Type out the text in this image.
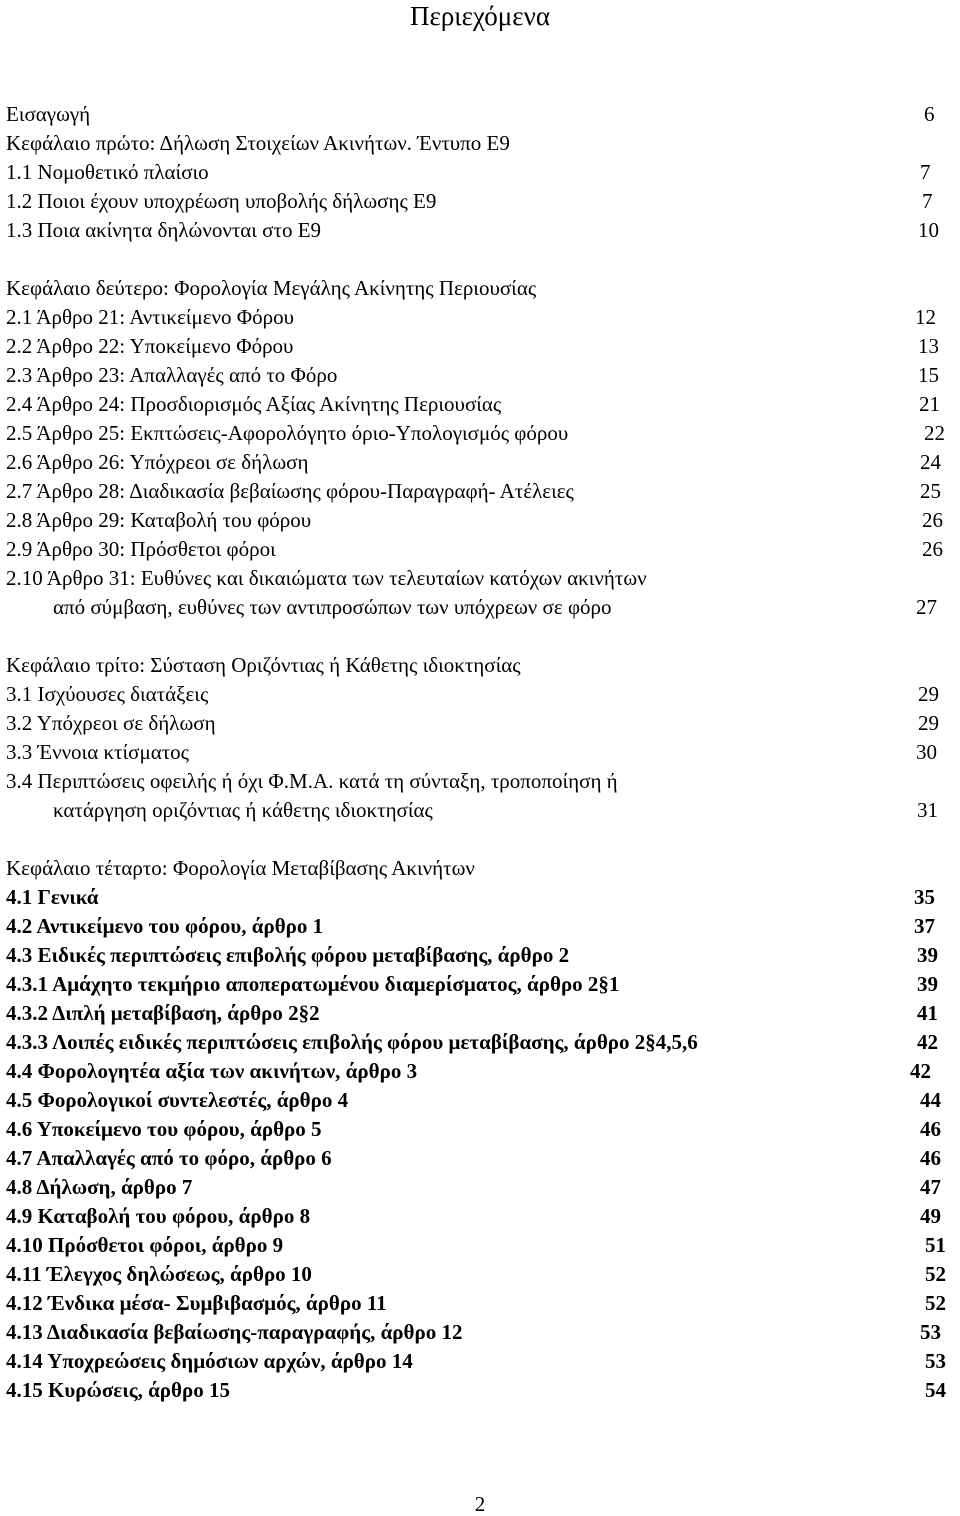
Περιεχόμενα
Εισαγωγή	6
Κεφάλαιο πρώτο: Δήλωση Στοιχείων Ακινήτων. Έντυπο Ε9
1.1 Νομοθετικό πλαίσιο	7
1.2 Ποιοι έχουν υποχρέωση υποβολής δήλωσης Ε9	7
1.3 Ποια ακίνητα δηλώνονται στο Ε9	10
Κεφάλαιο δεύτερο: Φορολογία Μεγάλης Ακίνητης Περιουσίας
2.1 Άρθρο 21: Αντικείμενο Φόρου	12
2.2 Άρθρο 22: Υποκείμενο Φόρου	13
2.3 Άρθρο 23: Απαλλαγές από το Φόρο	15
2.4 Άρθρο 24: Προσδιορισμός Αξίας Ακίνητης Περιουσίας	21
2.5 Άρθρο 25: Εκπτώσεις-Αφορολόγητο όριο-Υπολογισμός φόρου	22
2.6 Άρθρο 26: Υπόχρεοι σε δήλωση	24
2.7 Άρθρο 28: Διαδικασία βεβαίωσης φόρου-Παραγραφή- Ατέλειες	25
2.8 Άρθρο 29: Καταβολή του φόρου	26
2.9 Άρθρο 30: Πρόσθετοι φόροι	26
2.10 Άρθρο 31: Ευθύνες και δικαιώματα των τελευταίων κατόχων ακινήτων
από σύμβαση, ευθύνες των αντιπροσώπων των υπόχρεων σε φόρο	27
Κεφάλαιο τρίτο: Σύσταση Οριζόντιας ή Κάθετης ιδιοκτησίας
3.1 Ισχύουσες διατάξεις	29
3.2 Υπόχρεοι σε δήλωση	29
3.3 Έννοια κτίσματος	30
3.4 Περιπτώσεις οφειλής ή όχι Φ.Μ.Α. κατά τη σύνταξη, τροποποίηση ή
κατάργηση οριζόντιας ή κάθετης ιδιοκτησίας	31
Κεφάλαιο τέταρτο: Φορολογία Μεταβίβασης Ακινήτων
4.1 Γενικά	35
4.2 Αντικείμενο του φόρου, άρθρο 1	37
4.3 Ειδικές περιπτώσεις επιβολής φόρου μεταβίβασης, άρθρο 2	39
4.3.1 Αμάχητο τεκμήριο αποπερατωμένου διαμερίσματος, άρθρο 2§1	39
4.3.2 Διπλή μεταβίβαση, άρθρο 2§2	41
4.3.3 Λοιπές ειδικές περιπτώσεις επιβολής φόρου μεταβίβασης, άρθρο 2§4,5,6	42
4.4 Φορολογητέα αξία των ακινήτων, άρθρο 3	42
4.5 Φορολογικοί συντελεστές, άρθρο 4	44
4.6 Υποκείμενο του φόρου, άρθρο 5	46
4.7 Απαλλαγές από το φόρο, άρθρο 6	46
4.8 Δήλωση, άρθρο 7	47
4.9 Καταβολή του φόρου, άρθρο 8	49
4.10 Πρόσθετοι φόροι, άρθρο 9	51
4.11 Έλεγχος δηλώσεως, άρθρο 10	52
4.12 Ένδικα μέσα- Συμβιβασμός, άρθρο 11	52
4.13 Διαδικασία βεβαίωσης-παραγραφής, άρθρο 12	53
4.14 Υποχρεώσεις δημόσιων αρχών, άρθρο 14	53
4.15 Κυρώσεις, άρθρο 15	54
2
